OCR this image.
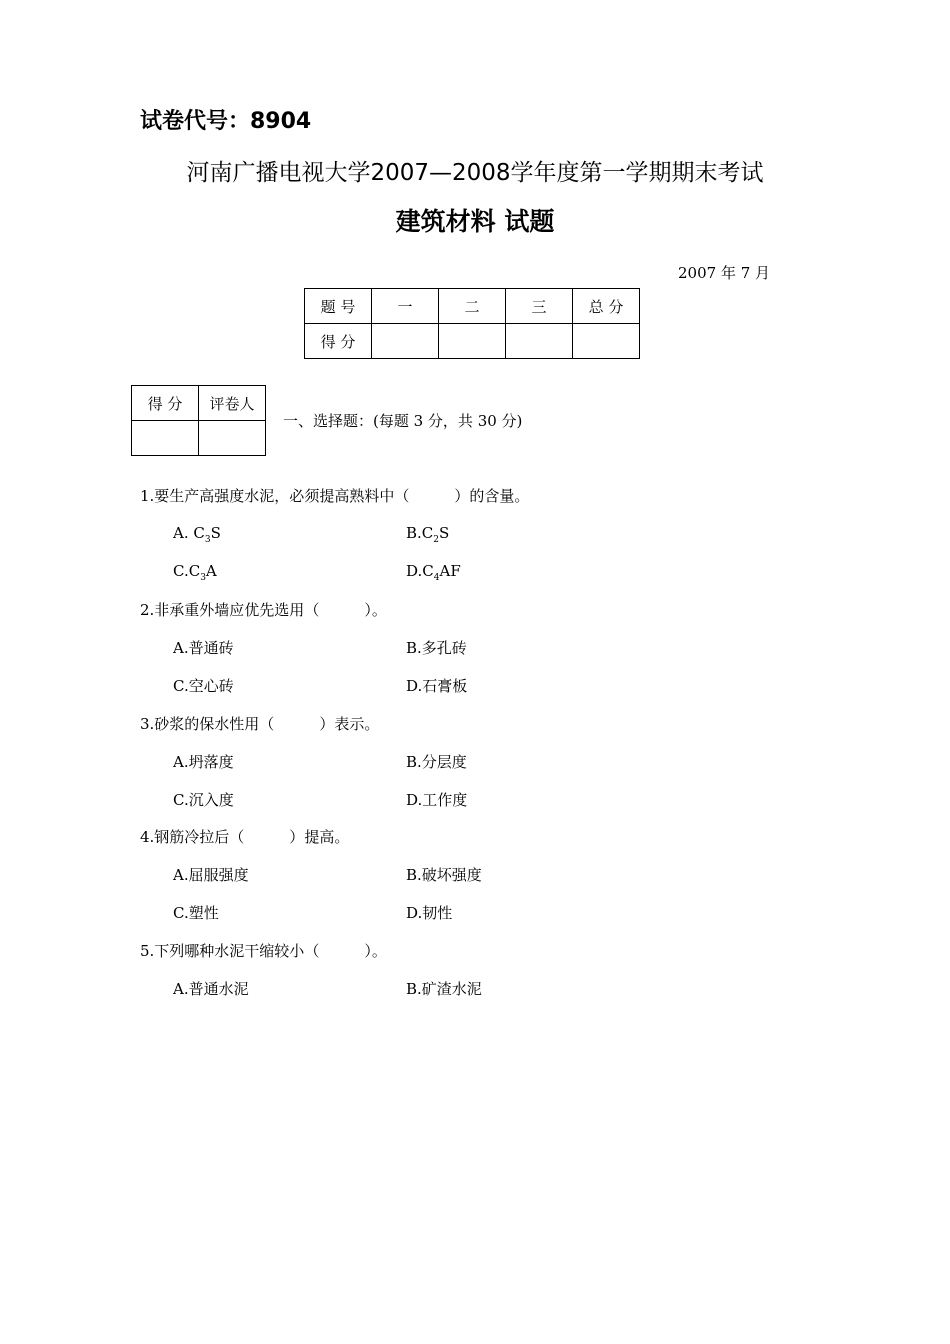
试卷代号：8904
河南广播电视大学2007—2008学年度第一学期期末考试
建筑材料 试题
2007 年 7 月
题 号	一	二	三	总 分
得 分				
得 分	评卷人

一、选择题：(每题 3 分，共 30 分)
1.要生产高强度水泥，必须提高熟料中（　　　）的含量。
A. $C_3S$	$B.C_2S$
$C.C_3A$	$D.C_4AF$
2.非承重外墙应优先选用（　　　）。
A.普通砖	B.多孔砖
C.空心砖	D.石膏板
3.砂浆的保水性用（　　　）表示。
A.坍落度	B.分层度
C.沉入度	D.工作度
4.钢筋冷拉后（　　　）提高。
A.屈服强度	B.破坏强度
C.塑性	D.韧性
5.下列哪种水泥干缩较小（　　　）。
A.普通水泥	B.矿渣水泥
